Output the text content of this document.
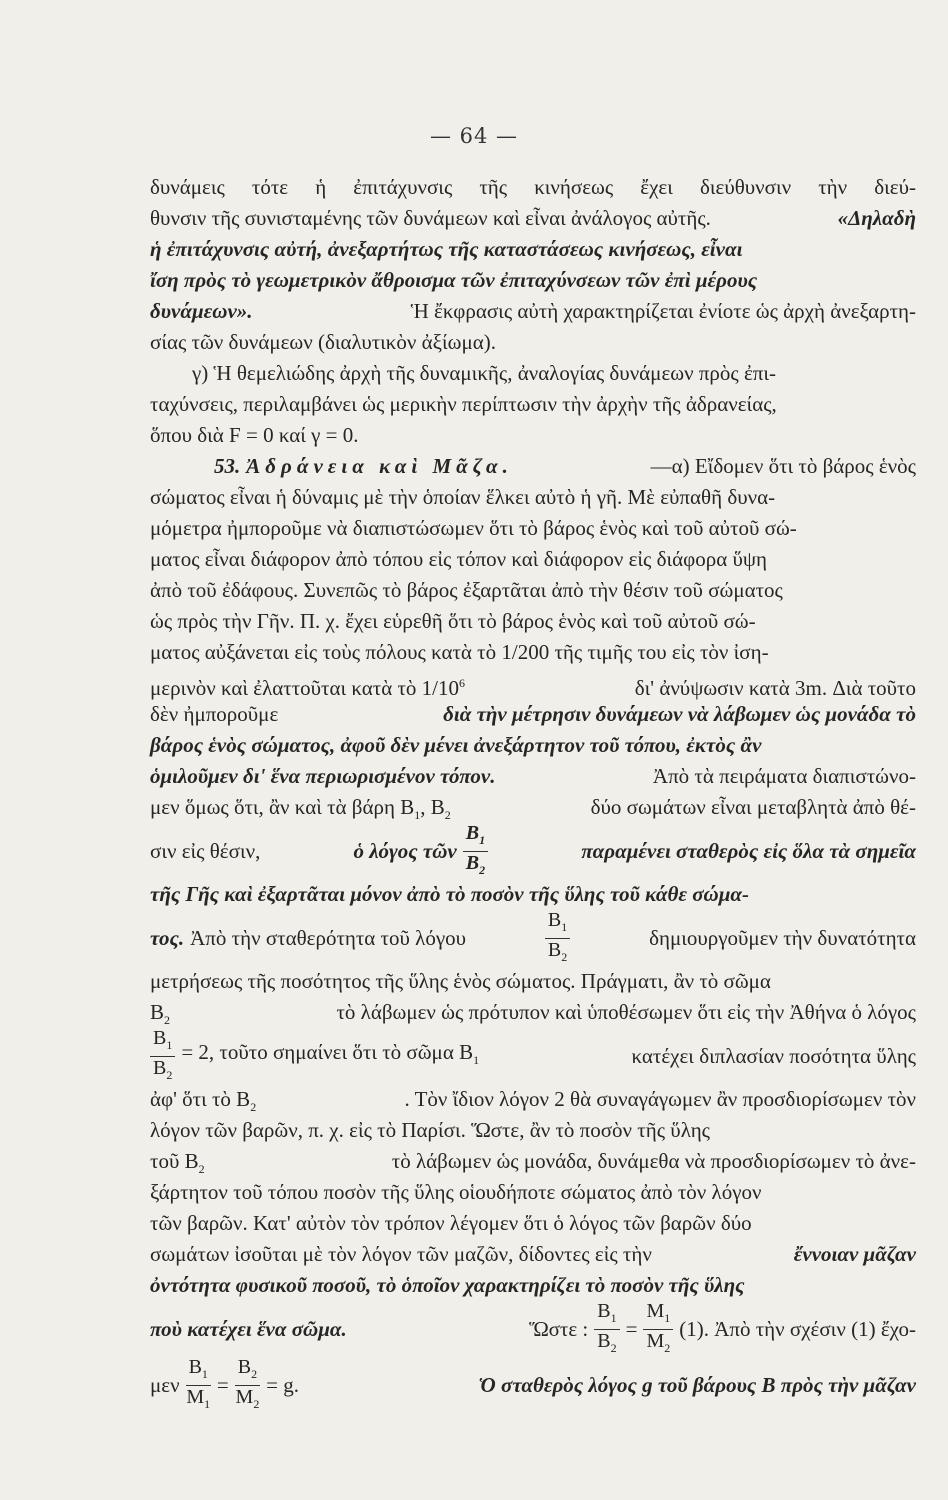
— 64 —
δυνάμεις τότε ἡ ἐπιτάχυνσις τῆς κινήσεως ἔχει διεύθυνσιν τὴν διεύ-
θυνσιν τῆς συνισταμένης τῶν δυνάμεων καὶ εἶναι ἀνάλογος αὐτῆς.	«Δηλαδὴ
ἡ ἐπιτάχυνσις αὐτή, ἀνεξαρτήτως τῆς καταστάσεως κινήσεως, εἶναι
ἴση πρὸς τὸ γεωμετρικὸν ἄθροισμα τῶν ἐπιταχύνσεων τῶν ἐπὶ μέρους
δυνάμεων».	Ἡ ἔκφρασις αὐτὴ χαρακτηρίζεται ἐνίοτε ὡς ἀρχὴ ἀνεξαρτη-
σίας τῶν δυνάμεων (διαλυτικὸν ἀξίωμα).
γ) Ἡ θεμελιώδης ἀρχὴ τῆς δυναμικῆς, ἀναλογίας δυνάμεων πρὸς ἐπι-
ταχύνσεις, περιλαμβάνει ὡς μερικὴν περίπτωσιν τὴν ἀρχὴν τῆς ἀδρανείας,
ὅπου διὰ F = 0 καί γ = 0.
53. Ἀδράνεια καὶ Μᾶζα.	—α) Εἴδομεν ὅτι τὸ βάρος ἑνὸς
σώματος εἶναι ἡ δύναμις μὲ τὴν ὁποίαν ἕλκει αὐτὸ ἡ γῆ. Μὲ εὐπαθῆ δυνα-
μόμετρα ἠμποροῦμε νὰ διαπιστώσωμεν ὅτι τὸ βάρος ἑνὸς καὶ τοῦ αὐτοῦ σώ-
ματος εἶναι διάφορον ἀπὸ τόπου εἰς τόπον καὶ διάφορον εἰς διάφορα ὕψη
ἀπὸ τοῦ ἐδάφους. Συνεπῶς τὸ βάρος ἐξαρτᾶται ἀπὸ τὴν θέσιν τοῦ σώματος
ὡς πρὸς τὴν Γῆν. Π. χ. ἔχει εὑρεθῆ ὅτι τὸ βάρος ἑνὸς καὶ τοῦ αὐτοῦ σώ-
ματος αὐξάνεται εἰς τοὺς πόλους κατὰ τὸ 1/200 τῆς τιμῆς του εἰς τὸν ἰση-
μερινὸν καὶ ἐλαττοῦται κατὰ τὸ $1/10^6$	δι' ἀνύψωσιν κατὰ 3m. Διὰ τοῦτο
δὲν ἠμποροῦμε	διὰ τὴν μέτρησιν δυνάμεων νὰ λάβωμεν ὡς μονάδα τὸ
βάρος ἑνὸς σώματος, ἀφοῦ δὲν μένει ἀνεξάρτητον τοῦ τόπου, ἐκτὸς ἂν
ὁμιλοῦμεν δι' ἕνα περιωρισμένον τόπον.	Ἀπὸ τὰ πειράματα διαπιστώνο-
μεν ὅμως ὅτι, ἂν καὶ τὰ βάρη $B_1$, $B_2$	δύο σωμάτων εἶναι μεταβλητὰ ἀπὸ θέ-
σιν εἰς θέσιν,	ὁ λόγος τῶν $\frac{B_1}{B_2}$	παραμένει σταθερὸς εἰς ὅλα τὰ σημεῖα
τῆς Γῆς καὶ ἐξαρτᾶται μόνον ἀπὸ τὸ ποσὸν τῆς ὕλης τοῦ κάθε σώμα-
τος. Ἀπὸ τὴν σταθερότητα τοῦ λόγου	$\frac{B_1}{B_2}$	δημιουργοῦμεν τὴν δυνατότητα
μετρήσεως τῆς ποσότητος τῆς ὕλης ἑνὸς σώματος. Πράγματι, ἂν τὸ σῶμα
$B_2$	τὸ λάβωμεν ὡς πρότυπον καὶ ὑποθέσωμεν ὅτι εἰς τὴν Ἀθήνα ὁ λόγος
$\frac{B_1}{B_2} = 2$, τοῦτο σημαίνει ὅτι τὸ σῶμα $B_1$	κατέχει διπλασίαν ποσότητα ὕλης
ἀφ' ὅτι τὸ $B_2$	. Τὸν ἴδιον λόγον 2 θὰ συναγάγωμεν ἂν προσδιορίσωμεν τὸν
λόγον τῶν βαρῶν, π. χ. εἰς τὸ Παρίσι. Ὥστε, ἂν τὸ ποσὸν τῆς ὕλης
τοῦ $B_2$	τὸ λάβωμεν ὡς μονάδα, δυνάμεθα νὰ προσδιορίσωμεν τὸ ἀνε-
ξάρτητον τοῦ τόπου ποσὸν τῆς ὕλης οἱουδήποτε σώματος ἀπὸ τὸν λόγον
τῶν βαρῶν. Κατ' αὐτὸν τὸν τρόπον λέγομεν ὅτι ὁ λόγος τῶν βαρῶν δύο
σωμάτων ἰσοῦται μὲ τὸν λόγον τῶν μαζῶν, δίδοντες εἰς τὴν	ἔννοιαν μᾶζαν
ὀντότητα φυσικοῦ ποσοῦ, τὸ ὁποῖον χαρακτηρίζει τὸ ποσὸν τῆς ὕλης
ποὺ κατέχει ἕνα σῶμα.	Ὥστε : $\frac{B_1}{B_2} = \frac{M_1}{M_2} (1)$. Ἀπὸ τὴν σχέσιν (1) ἔχο-
μεν $\frac{B_1}{M_1} = \frac{B_2}{M_2} = g$.	Ὁ σταθερὸς λόγος g τοῦ βάρους B πρὸς τὴν μᾶζαν
